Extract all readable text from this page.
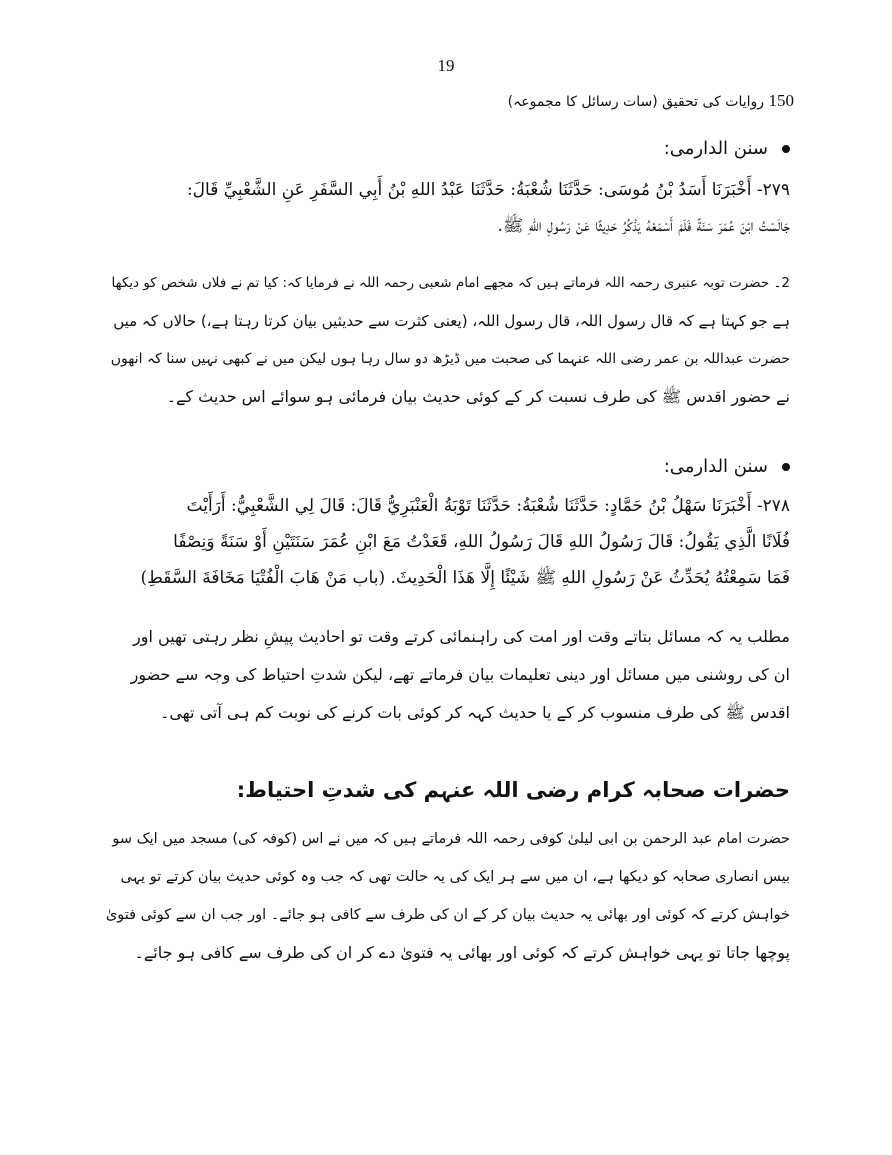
19
150 روایات کی تحقیق (سات رسائل کا مجموعہ)
سنن الدارمی:
٢٧٩- أَخْبَرَنَا أَسَدُ بْنُ مُوسَى: حَدَّثَنَا شُعْبَةُ: حَدَّثَنَا عَبْدُ اللهِ بْنُ أَبِي السَّفَرِ عَنِ الشَّعْبِيِّ قَالَ:
جَالَسْتُ ابْنَ عُمَرَ سَنَةً فَلَمْ أَسْمَعْهُ يَذْكُرُ حَدِيثًا عَنْ رَسُولِ اللهِ ﷺ.
2۔ حضرت توبہ عنبری رحمہ اللہ فرماتے ہیں کہ مجھے امام شعبی رحمہ اللہ نے فرمایا کہ: کیا تم نے فلاں شخص کو دیکھا
ہے جو کہتا ہے کہ قال رسول اللہ، قال رسول اللہ، (یعنی کثرت سے حدیثیں بیان کرتا رہتا ہے،) حالاں کہ میں
حضرت عبداللہ بن عمر رضی اللہ عنہما کی صحبت میں ڈیڑھ دو سال رہا ہوں لیکن میں نے کبھی نہیں سنا کہ انھوں
نے حضور اقدس ﷺ کی طرف نسبت کر کے کوئی حدیث بیان فرمائی ہو سوائے اس حدیث کے۔
سنن الدارمی:
٢٧٨- أَخْبَرَنَا سَهْلُ بْنُ حَمَّادٍ: حَدَّثَنَا شُعْبَةُ: حَدَّثَنَا تَوْبَةُ الْعَنْبَرِيُّ قَالَ: قَالَ لِي الشَّعْبِيُّ: أَرَأَيْتَ
فُلَانًا الَّذِي يَقُولُ: قَالَ رَسُولُ اللهِ قَالَ رَسُولُ اللهِ، قَعَدْتُ مَعَ ابْنِ عُمَرَ سَنَتَيْنِ أَوْ سَنَةً وَنِصْفًا
فَمَا سَمِعْتُهُ يُحَدِّثُ عَنْ رَسُولِ اللهِ ﷺ شَيْئًا إِلَّا هَذَا الْحَدِيثَ. (باب مَنْ هَابَ الْفُتْيَا مَخَافَةَ السَّقَطِ)
مطلب یہ کہ مسائل بتاتے وقت اور امت کی راہنمائی کرتے وقت تو احادیث پیشِ نظر رہتی تھیں اور
ان کی روشنی میں مسائل اور دینی تعلیمات بیان فرماتے تھے، لیکن شدتِ احتیاط کی وجہ سے حضور
اقدس ﷺ کی طرف منسوب کر کے یا حدیث کہہ کر کوئی بات کرنے کی نوبت کم ہی آتی تھی۔
حضرات صحابہ کرام رضی اللہ عنہم کی شدتِ احتیاط:
حضرت امام عبد الرحمن بن ابی لیلیٰ کوفی رحمہ اللہ فرماتے ہیں کہ میں نے اس (کوفہ کی) مسجد میں ایک سو
بیس انصاری صحابہ کو دیکھا ہے، ان میں سے ہر ایک کی یہ حالت تھی کہ جب وہ کوئی حدیث بیان کرتے تو یہی
خواہش کرتے کہ کوئی اور بھائی یہ حدیث بیان کر کے ان کی طرف سے کافی ہو جائے۔ اور جب ان سے کوئی فتویٰ
پوچھا جاتا تو یہی خواہش کرتے کہ کوئی اور بھائی یہ فتویٰ دے کر ان کی طرف سے کافی ہو جائے۔
